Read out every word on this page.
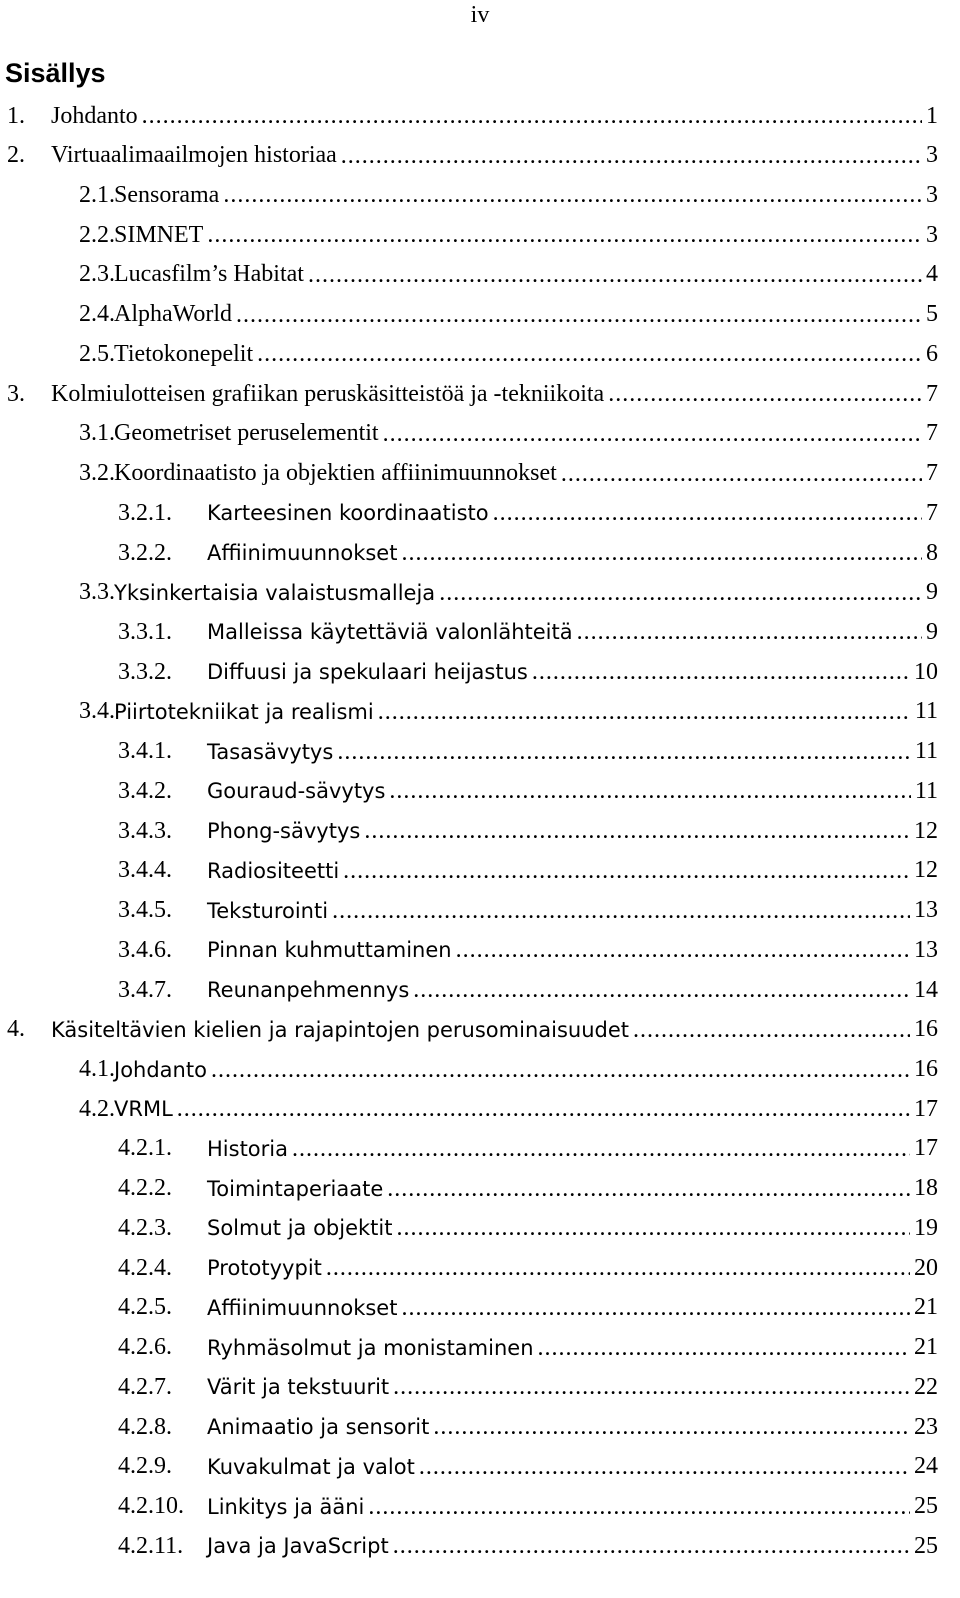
iv
Sisällys
1.	Johdanto .....	1
2.	Virtuaalimaailmojen historiaa .....	3
2.1. Sensorama .....	3
2.2. SIMNET .....	3
2.3. Lucasfilm’s Habitat .....	4
2.4. AlphaWorld .....	5
2.5. Tietokonepelit .....	6
3.	Kolmiulotteisen grafiikan peruskäsitteistöä ja -tekniikoita .....	7
3.1. Geometriset peruselementit .....	7
3.2. Koordinaatisto ja objektien affiinimuunnokset .....	7
3.2.1.	Karteesinen koordinaatisto .....	7
3.2.2.	Affiinimuunnokset .....	8
3.3. Yksinkertaisia valaistusmalleja .....	9
3.3.1.	Malleissa käytettäviä valonlähteitä .....	9
3.3.2.	Diffuusi ja spekulaari heijastus .....	10
3.4. Piirtotekniikat ja realismi .....	11
3.4.1.	Tasasävytys .....	11
3.4.2.	Gouraud-sävytys .....	11
3.4.3.	Phong-sävytys .....	12
3.4.4.	Radiositeetti .....	12
3.4.5.	Teksturointi .....	13
3.4.6.	Pinnan kuhmuttaminen .....	13
3.4.7.	Reunanpehmennys .....	14
4.	Käsiteltävien kielien ja rajapintojen perusominaisuudet .....	16
4.1. Johdanto .....	16
4.2. VRML .....	17
4.2.1.	Historia .....	17
4.2.2.	Toimintaperiaate .....	18
4.2.3.	Solmut ja objektit .....	19
4.2.4.	Prototyypit .....	20
4.2.5.	Affiinimuunnokset .....	21
4.2.6.	Ryhmäsolmut ja monistaminen .....	21
4.2.7.	Värit ja tekstuurit .....	22
4.2.8.	Animaatio ja sensorit .....	23
4.2.9.	Kuvakulmat ja valot .....	24
4.2.10.	Linkitys ja ääni .....	25
4.2.11.	Java ja JavaScript .....	25
